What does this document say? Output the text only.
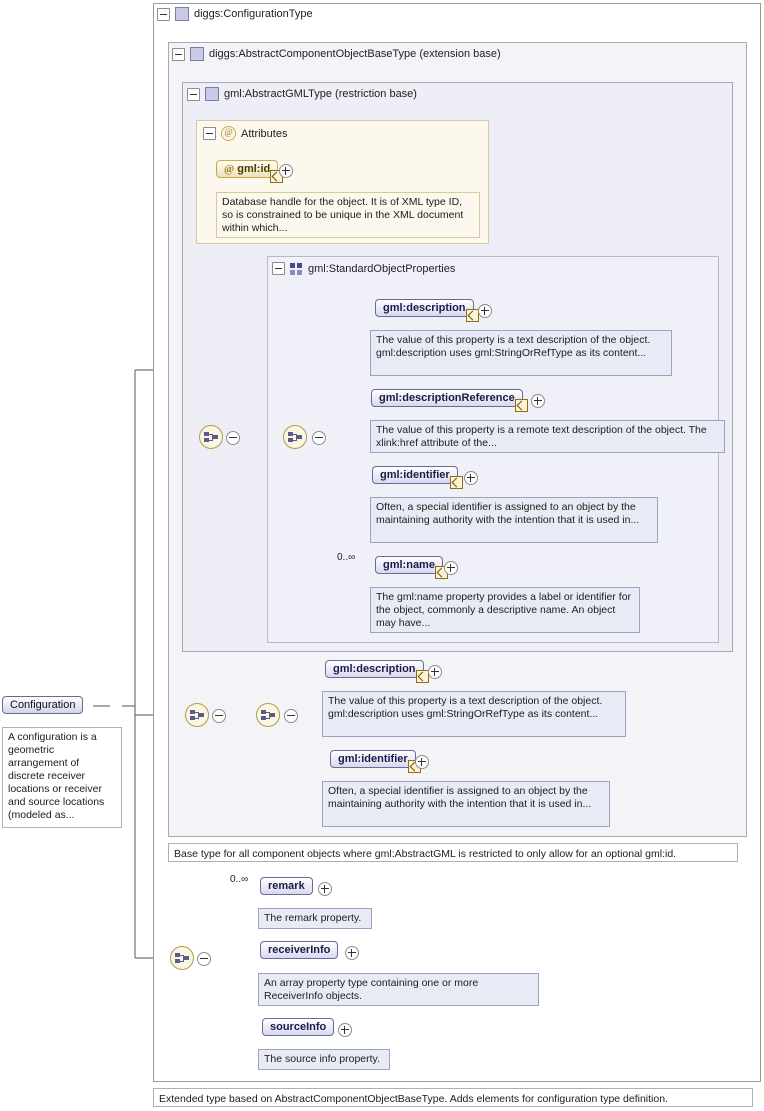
diggs:ConfigurationType
diggs:AbstractComponentObjectBaseType (extension base)
gml:AbstractGMLType (restriction base)
@ Attributes
gml:StandardObjectProperties
Configuration
A configuration is a geometric arrangement of discrete receiver locations or receiver and source locations (modeled as...
@ gml:id
Database handle for the object. It is of XML type ID, so is constrained to be unique in the XML document within which...
gml:description
The value of this property is a text description of the object. gml:description uses gml:StringOrRefType as its content...
gml:descriptionReference
The value of this property is a remote text description of the object. The xlink:href attribute of the...
gml:identifier
Often, a special identifier is assigned to an object by the maintaining authority with the intention that it is used in...
0..∞
gml:name
The gml:name property provides a label or identifier for the object, commonly a descriptive name. An object may have...
gml:description
The value of this property is a text description of the object. gml:description uses gml:StringOrRefType as its content...
gml:identifier
Often, a special identifier is assigned to an object by the maintaining authority with the intention that it is used in...
Base type for all component objects where gml:AbstractGML is restricted to only allow for an optional gml:id.
0..∞
remark
The remark property.
receiverInfo
An array property type containing one or more ReceiverInfo objects.
sourceInfo
The source info property.
Extended type based on AbstractComponentObjectBaseType. Adds elements for configuration type definition.
